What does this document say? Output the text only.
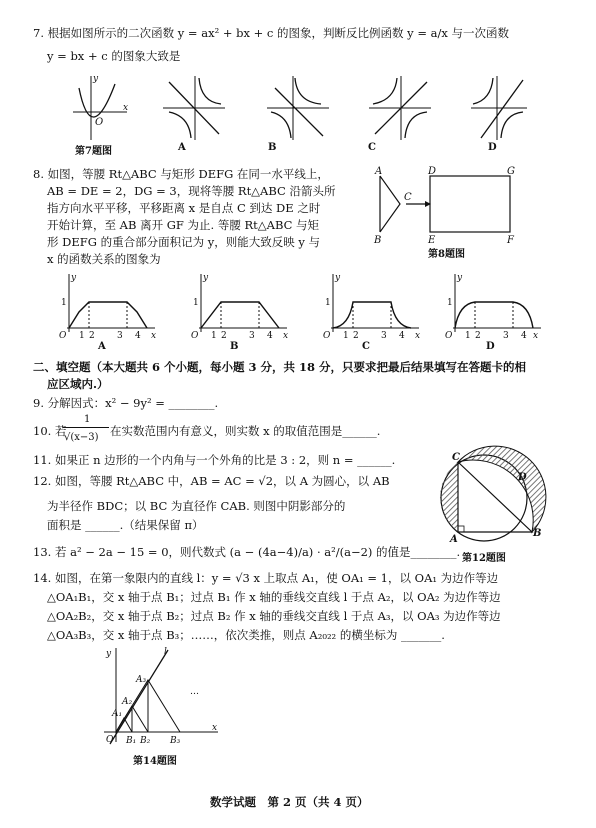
7. 根据如图所示的二次函数 y = ax² + bx + c 的图象，判断反比例函数 y = a/x 与一次函数
y = bx + c 的图象大致是
O
x
y
第7题图	A	B	C	D
8. 如图，等腰 Rt△ABC 与矩形 DEFG 在同一水平线上，
AB = DE = 2，DG = 3，现将等腰 Rt△ABC 沿箭头所
指方向水平平移，平移距离 x 是自点 C 到达 DE 之时
开始计算，至 AB 离开 GF 为止. 等腰 Rt△ABC 与矩
形 DEFG 的重合部分面积记为 y，则能大致反映 y 与
x 的函数关系的图象为
A	D	G
C
B	E	F
第8题图
O 1 2 3 4 x
1
y
O 1 2 3 4 x
1
y
O 1 2 3 4 x
1
y
O 1 2 3 4 x
1
y
A	B	C	D
二、填空题（本大题共 6 个小题，每小题 3 分，共 18 分，只要求把最后结果填写在答题卡的相
应区域内.）
9. 分解因式：x² − 9y² = ________.
10. 若
1
√(x−3) 在实数范围内有意义，则实数 x 的取值范围是______.
11. 如果正 n 边形的一个内角与一个外角的比是 3 : 2，则 n = ______.
12. 如图，等腰 Rt△ABC 中，AB = AC = √2，以 A 为圆心，以 AB
为半径作 BDC；以 BC 为直径作 CAB. 则图中阴影部分的
面积是 ______.（结果保留 π）
C
D
A
B
第12题图
13. 若 a² − 2a − 15 = 0，则代数式 (a − (4a−4)/a) · a²/(a−2) 的值是________.
14. 如图，在第一象限内的直线 l：y = √3 x 上取点 A₁，使 OA₁ = 1，以 OA₁ 为边作等边
△OA₁B₁，交 x 轴于点 B₁；过点 B₁ 作 x 轴的垂线交直线 l 于点 A₂，以 OA₂ 为边作等边
△OA₂B₂，交 x 轴于点 B₂；过点 B₂ 作 x 轴的垂线交直线 l 于点 A₃，以 OA₃ 为边作等边
△OA₃B₃，交 x 轴于点 B₃；……，依次类推，则点 A₂₀₂₂ 的横坐标为 _______.
y	l
A₃
A₂
A₁
O B₁ B₂ B₃
x
…
第14题图
数学试题　第 2 页（共 4 页）
